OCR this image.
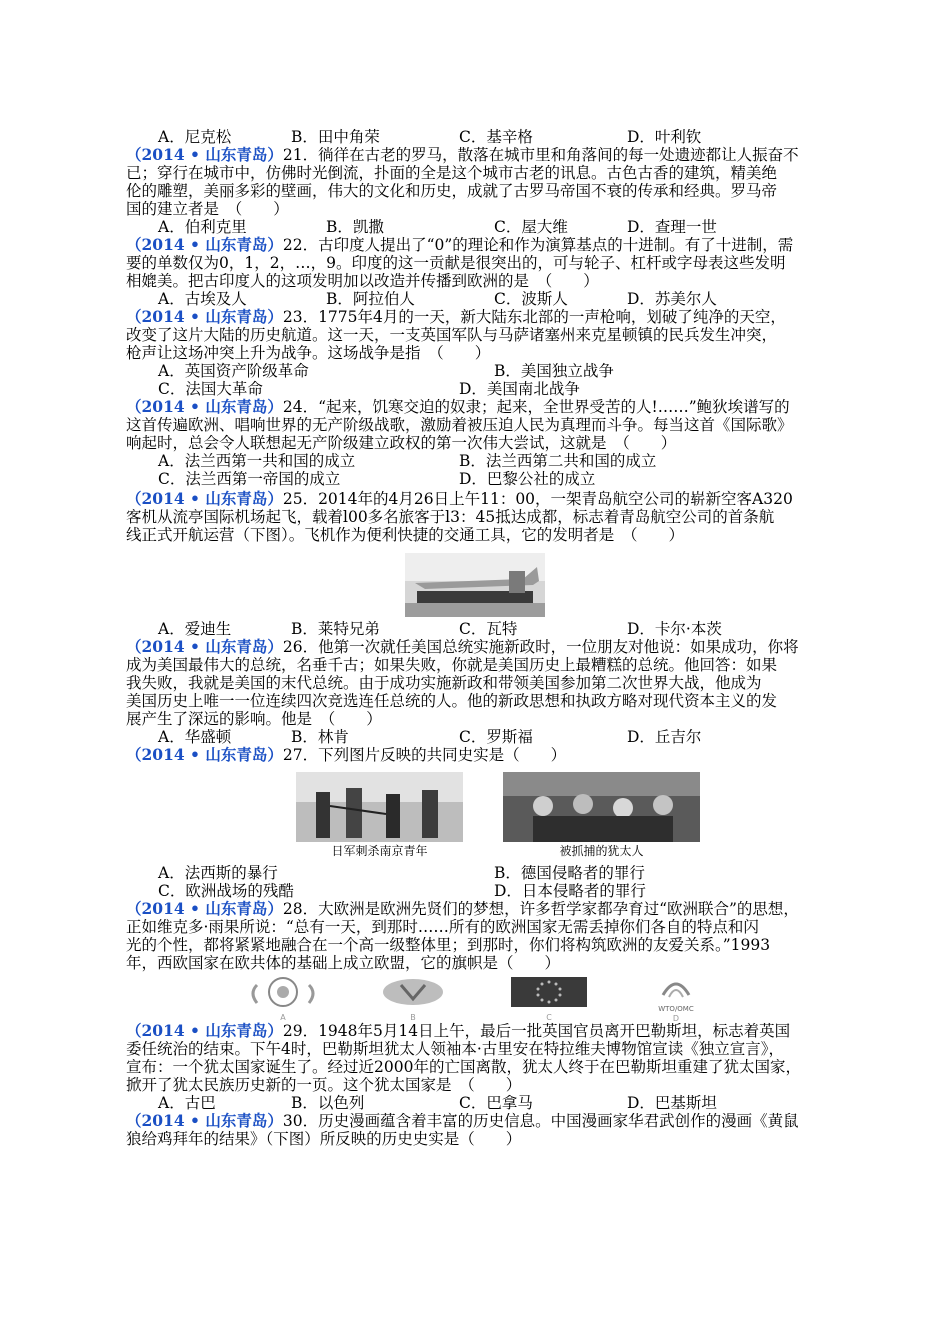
A．尼克松	B．田中角荣	C．基辛格	D．叶利钦
（2014 • 山东青岛）21．徜徉在古老的罗马，散落在城市里和角落间的每一处遗迹都让人振奋不
已；穿行在城市中，仿佛时光倒流，扑面的全是这个城市古老的讯息。古色古香的建筑，精美绝
伦的雕塑，美丽多彩的壁画，伟大的文化和历史，成就了古罗马帝国不衰的传承和经典。罗马帝
国的建立者是　（　　）
A．伯利克里	B．凯撒	C．屋大维	D．查理一世
（2014 • 山东青岛）22．古印度人提出了“0”的理论和作为演算基点的十进制。有了十进制，需
要的单数仅为0，1，2，…，9。印度的这一贡献是很突出的，可与轮子、杠杆或字母表这些发明
相媲美。把古印度人的这项发明加以改造并传播到欧洲的是　（　　）
A．古埃及人	B．阿拉伯人	C．波斯人	D．苏美尔人
（2014 • 山东青岛）23．1775年4月的一天，新大陆东北部的一声枪响，划破了纯净的天空，
改变了这片大陆的历史航道。这一天，一支英国军队与马萨诸塞州来克星顿镇的民兵发生冲突，
枪声让这场冲突上升为战争。这场战争是指　（　　）
A．英国资产阶级革命	B．美国独立战争
C．法国大革命	D．美国南北战争
（2014 • 山东青岛）24．“起来，饥寒交迫的奴隶；起来，全世界受苦的人!……”鲍狄埃谱写的
这首传遍欧洲、唱响世界的无产阶级战歌，激励着被压迫人民为真理而斗争。每当这首《国际歌》
响起时，总会令人联想起无产阶级建立政权的第一次伟大尝试，这就是　（　　）
A．法兰西第一共和国的成立	B．法兰西第二共和国的成立
C．法兰西第一帝国的成立	D．巴黎公社的成立
（2014 • 山东青岛）25．2014年的4月26日上午11：00，一架青岛航空公司的崭新空客A320
客机从流亭国际机场起飞，载着l00多名旅客于l3：45抵达成都，标志着青岛航空公司的首条航
线正式开航运营（下图）。飞机作为便利快捷的交通工具，它的发明者是　（　　）
A．爱迪生	B．莱特兄弟	C．瓦特	D．卡尔·本茨
（2014 • 山东青岛）26．他第一次就任美国总统实施新政时，一位朋友对他说：如果成功，你将
成为美国最伟大的总统，名垂千古；如果失败，你就是美国历史上最糟糕的总统。他回答：如果
我失败，我就是美国的末代总统。由于成功实施新政和带领美国参加第二次世界大战，他成为
美国历史上唯一一位连续四次竞选连任总统的人。他的新政思想和执政方略对现代资本主义的发
展产生了深远的影响。他是　（　　）
A．华盛顿	B．林肯	C．罗斯福	D．丘吉尔
（2014 • 山东青岛）27．下列图片反映的共同史实是（　　）
日军刺杀南京青年	被抓捕的犹太人
A．法西斯的暴行	B．德国侵略者的罪行
C．欧洲战场的残酷	D．日本侵略者的罪行
（2014 • 山东青岛）28．大欧洲是欧洲先贤们的梦想，许多哲学家都孕育过“欧洲联合”的思想，
正如维克多·雨果所说：“总有一天，到那时……所有的欧洲国家无需丢掉你们各自的特点和闪
光的个性，都将紧紧地融合在一个高一级整体里；到那时，你们将构筑欧洲的友爱关系。”1993
年，西欧国家在欧共体的基础上成立欧盟，它的旗帜是（　　）
A	B	C
WTO/OMC
D
（2014 • 山东青岛）29．1948年5月14日上午，最后一批英国官员离开巴勒斯坦，标志着英国
委任统治的结束。下午4时，巴勒斯坦犹太人领袖本·古里安在特拉维夫博物馆宣读《独立宣言》，
宣布：一个犹太国家诞生了。经过近2000年的亡国离散，犹太人终于在巴勒斯坦重建了犹太国家，
掀开了犹太民族历史新的一页。这个犹太国家是　（　　）
A．古巴	B．以色列	C．巴拿马	D．巴基斯坦
（2014 • 山东青岛）30．历史漫画蕴含着丰富的历史信息。中国漫画家华君武创作的漫画《黄鼠
狼给鸡拜年的结果》（下图）所反映的历史史实是（　　）
